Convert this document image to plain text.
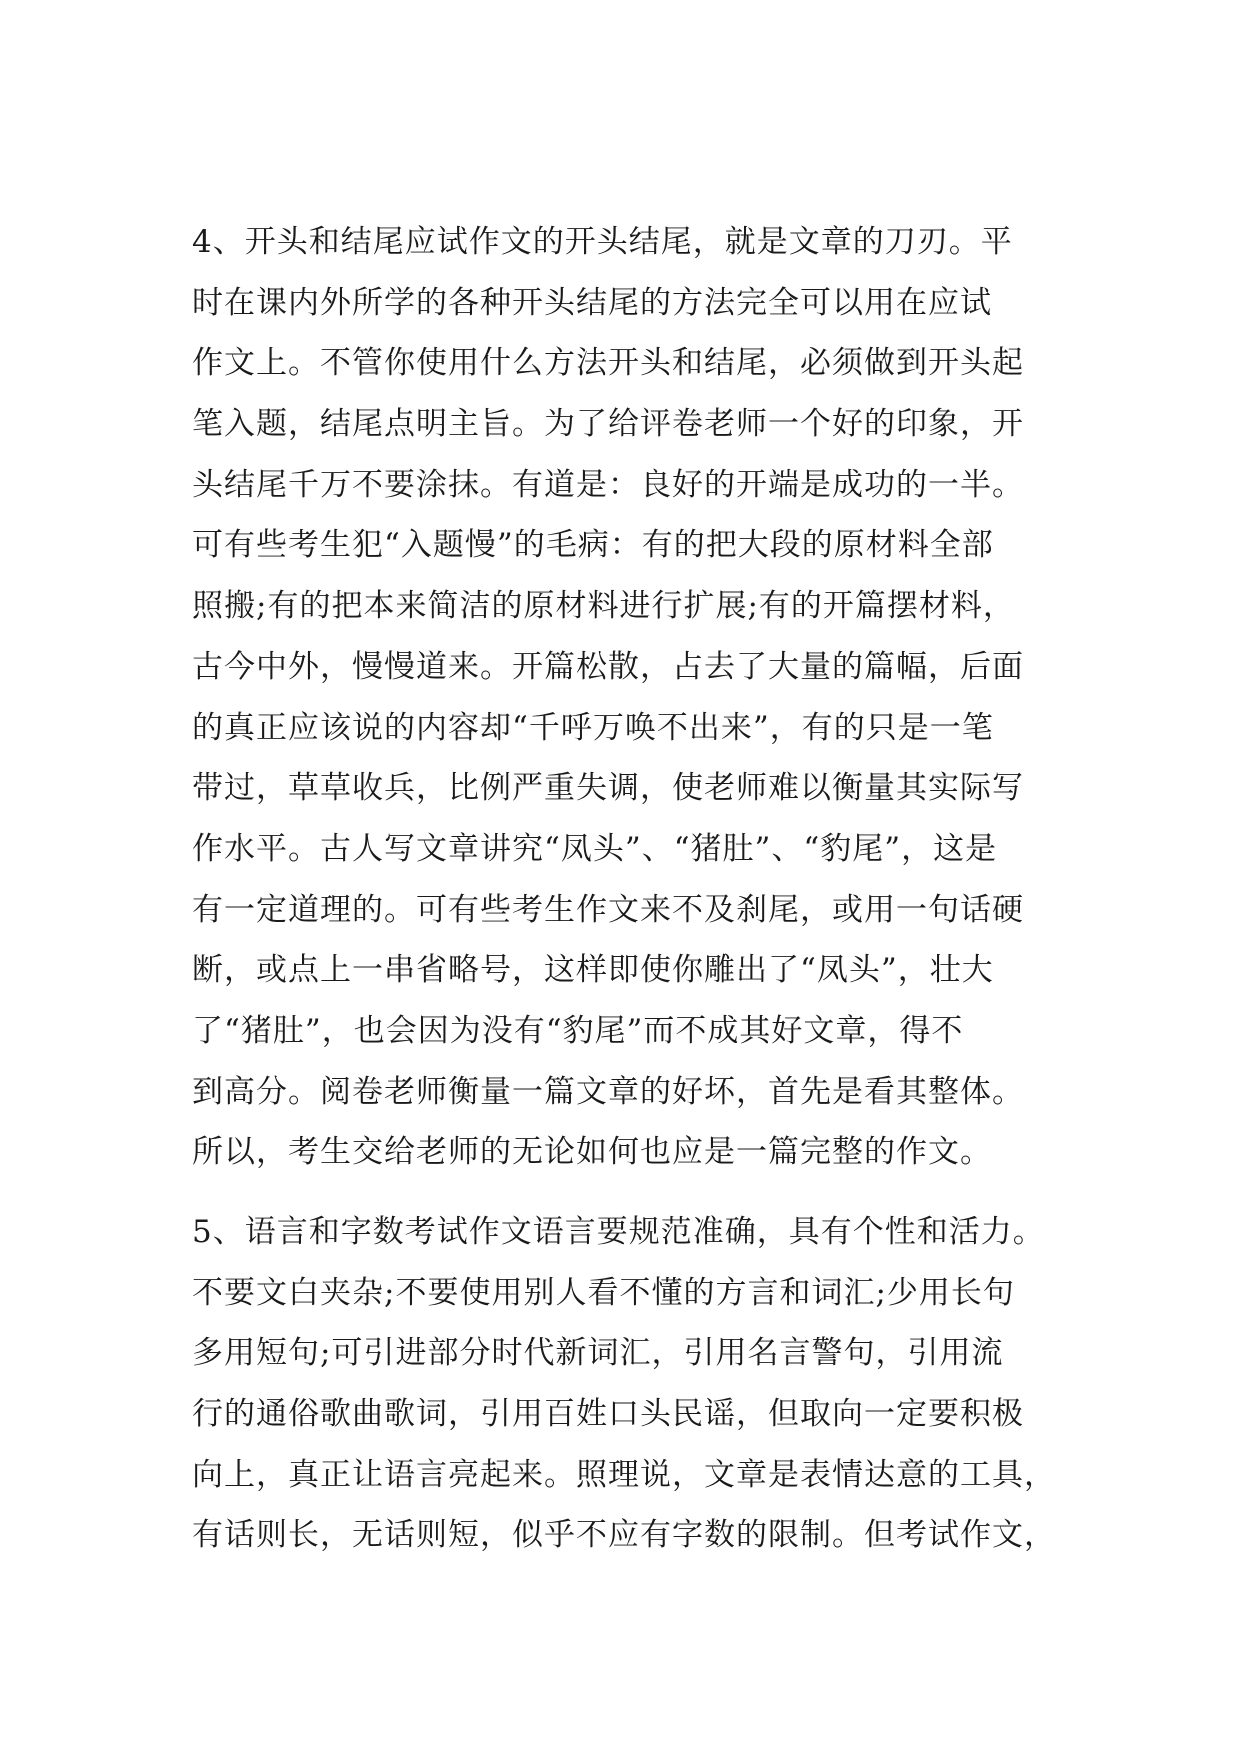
4、开头和结尾应试作文的开头结尾，就是文章的刀刃。平
时在课内外所学的各种开头结尾的方法完全可以用在应试
作文上。不管你使用什么方法开头和结尾，必须做到开头起
笔入题，结尾点明主旨。为了给评卷老师一个好的印象，开
头结尾千万不要涂抹。有道是：良好的开端是成功的一半。
可有些考生犯“入题慢”的毛病：有的把大段的原材料全部
照搬;有的把本来简洁的原材料进行扩展;有的开篇摆材料，
古今中外，慢慢道来。开篇松散，占去了大量的篇幅，后面
的真正应该说的内容却“千呼万唤不出来”，有的只是一笔
带过，草草收兵，比例严重失调，使老师难以衡量其实际写
作水平。古人写文章讲究“凤头”、“猪肚”、“豹尾”，这是
有一定道理的。可有些考生作文来不及刹尾，或用一句话硬
断，或点上一串省略号，这样即使你雕出了“凤头”，壮大
了“猪肚”，也会因为没有“豹尾”而不成其好文章，得不
到高分。阅卷老师衡量一篇文章的好坏，首先是看其整体。
所以，考生交给老师的无论如何也应是一篇完整的作文。
5、语言和字数考试作文语言要规范准确，具有个性和活力。
不要文白夹杂;不要使用别人看不懂的方言和词汇;少用长句
多用短句;可引进部分时代新词汇，引用名言警句，引用流
行的通俗歌曲歌词，引用百姓口头民谣，但取向一定要积极
向上，真正让语言亮起来。照理说，文章是表情达意的工具，
有话则长，无话则短，似乎不应有字数的限制。但考试作文，
